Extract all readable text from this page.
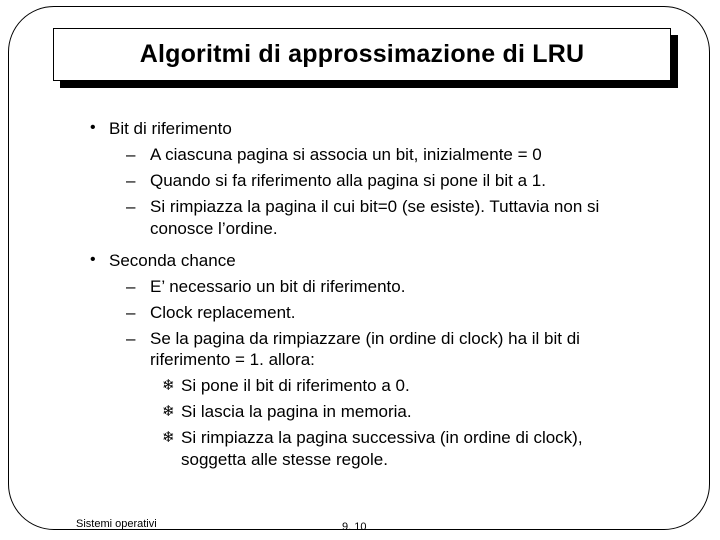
Algoritmi di approssimazione di LRU
• Bit di riferimento
– A ciascuna pagina si associa un bit, inizialmente = 0
– Quando si fa riferimento alla pagina si pone il bit a 1.
– Si rimpiazza la pagina il cui bit=0 (se esiste). Tuttavia non si
conosce l’ordine.
• Seconda chance
– E’ necessario un bit di riferimento.
– Clock replacement.
– Se la pagina da rimpiazzare (in ordine di clock) ha il bit di
riferimento = 1. allora:
❄ Si pone il bit di riferimento a 0.
❄ Si lascia la pagina in memoria.
❄ Si rimpiazza la pagina successiva (in ordine di clock),
soggetta alle stesse regole.
Sistemi operativi	9. 10
